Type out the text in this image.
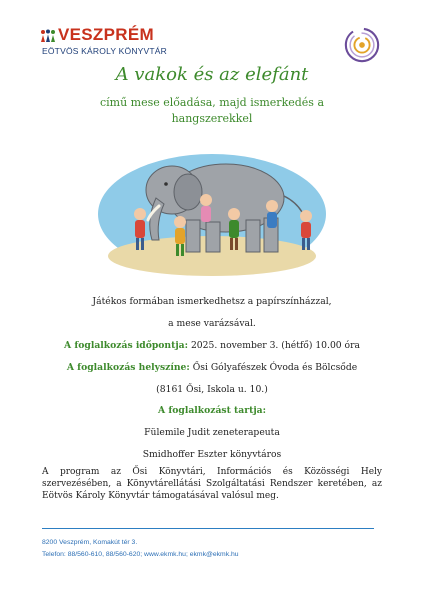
VESZPRÉM
EÖTVÖS KÁROLY KÖNYVTÁR
A vakok és az elefánt
című mese előadása, majd ismerkedés a hangszerekkel
Játékos formában ismerkedhetsz a papírszínházzal,
a mese varázsával.
A foglalkozás időpontja: 2025. november 3. (hétfő) 10.00 óra
A foglalkozás helyszíne: Ősi Gólyafészek Óvoda és Bölcsőde
(8161 Ősi, Iskola u. 10.)
A foglalkozást tartja:
Fülemile Judit zeneterapeuta
Smidhoffer Eszter könyvtáros
A program az Ősi Könyvtári, Információs és Közösségi Hely szervezésében, a Könyvtárellátási Szolgáltatási Rendszer keretében, az Eötvös Károly Könyvtár támogatásával valósul meg.
8200 Veszprém, Komakút tér 3.
Telefon: 88/560-610, 88/560-620; www.ekmk.hu; ekmk@ekmk.hu
